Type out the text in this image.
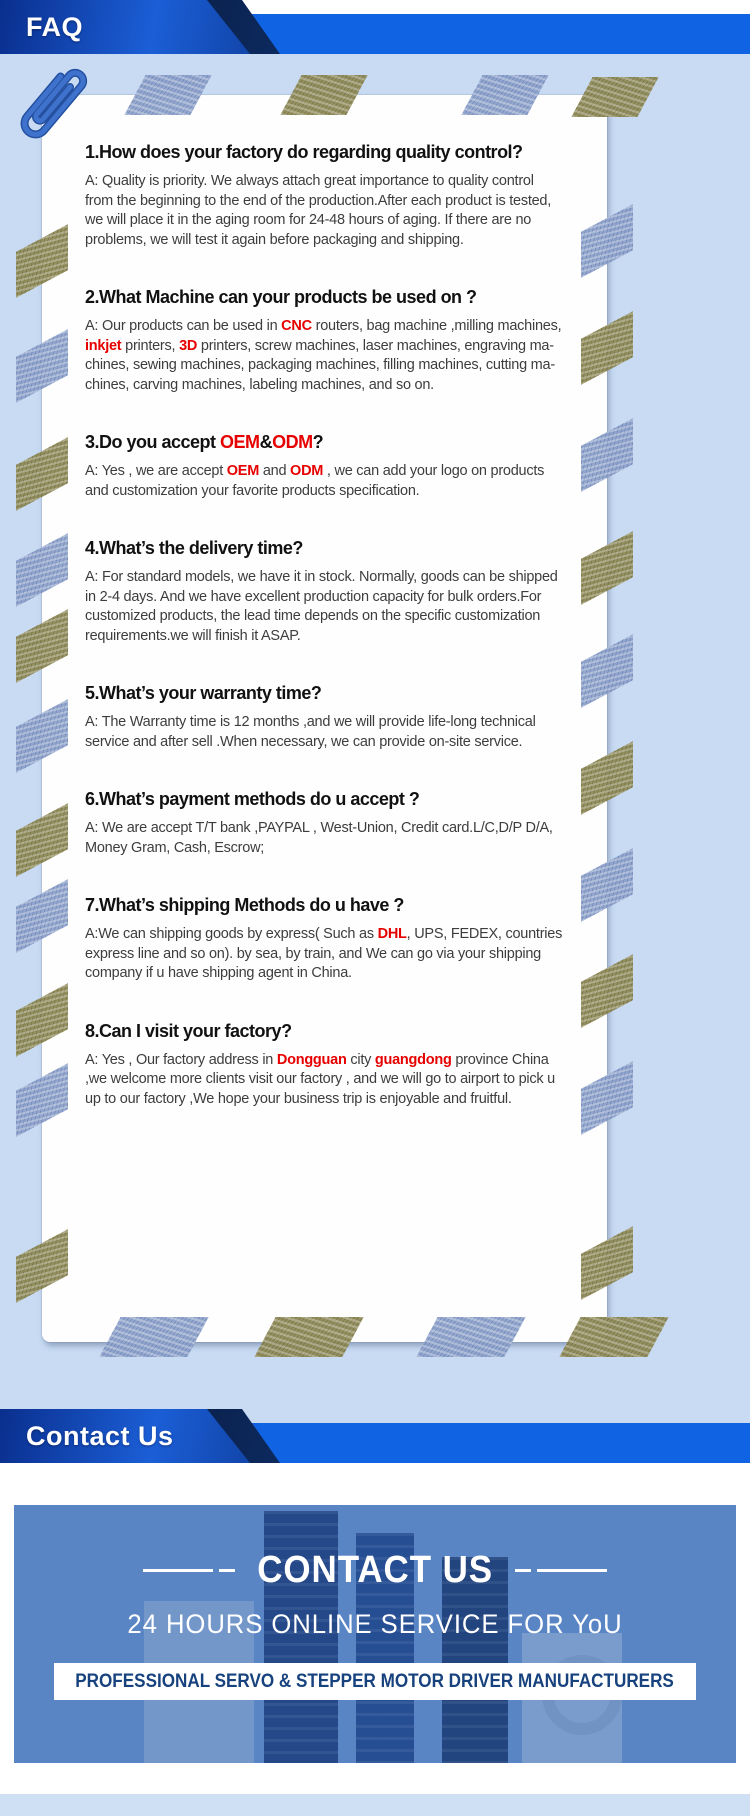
FAQ
1.How does your factory do regarding quality control?

A: Quality is priority. We always attach great importance to quality control from the beginning to the end of the production.After each product is tested, we will place it in the aging room for 24-48 hours of aging. If there are no problems, we will test it again before packaging and shipping.

2.What Machine can your products be used on ?

A: Our products can be used in CNC routers, bag machine ,milling machines, inkjet printers, 3D printers, screw machines, laser machines, engraving ma-chines, sewing machines, packaging machines, filling machines, cutting ma-chines, carving machines, labeling machines, and so on.

3.Do you accept OEM&ODM?

A: Yes , we are accept OEM and ODM , we can add your logo on products and customization your favorite products specification.

4.What’s the delivery time?

A: For standard models, we have it in stock. Normally, goods can be shipped in 2-4 days. And we have excellent production capacity for bulk orders.For customized products, the lead time depends on the specific customization requirements.we will finish it ASAP.

5.What’s your warranty time?

A: The Warranty time is 12 months ,and we will provide life-long technical service and after sell .When necessary, we can provide on-site service.

6.What’s payment methods do u accept ?

A: We are accept T/T bank ,PAYPAL , West-Union, Credit card.L/C,D/P D/A, Money Gram, Cash, Escrow;

7.What’s shipping Methods do u have ?

A:We can shipping goods by express( Such as DHL, UPS, FEDEX, countries express line and so on). by sea, by train, and We can go via your shipping company if u have shipping agent in China.

8.Can I visit your factory?

A: Yes , Our factory address in Dongguan city guangdong province China ,we welcome more clients visit our factory , and we will go to airport to pick u up to our factory ,We hope your business trip is enjoyable and fruitful.

Contact Us
CONTACT US
24 HOURS ONLINE SERVICE FOR YoU
PROFESSIONAL SERVO & STEPPER MOTOR DRIVER MANUFACTURERS
